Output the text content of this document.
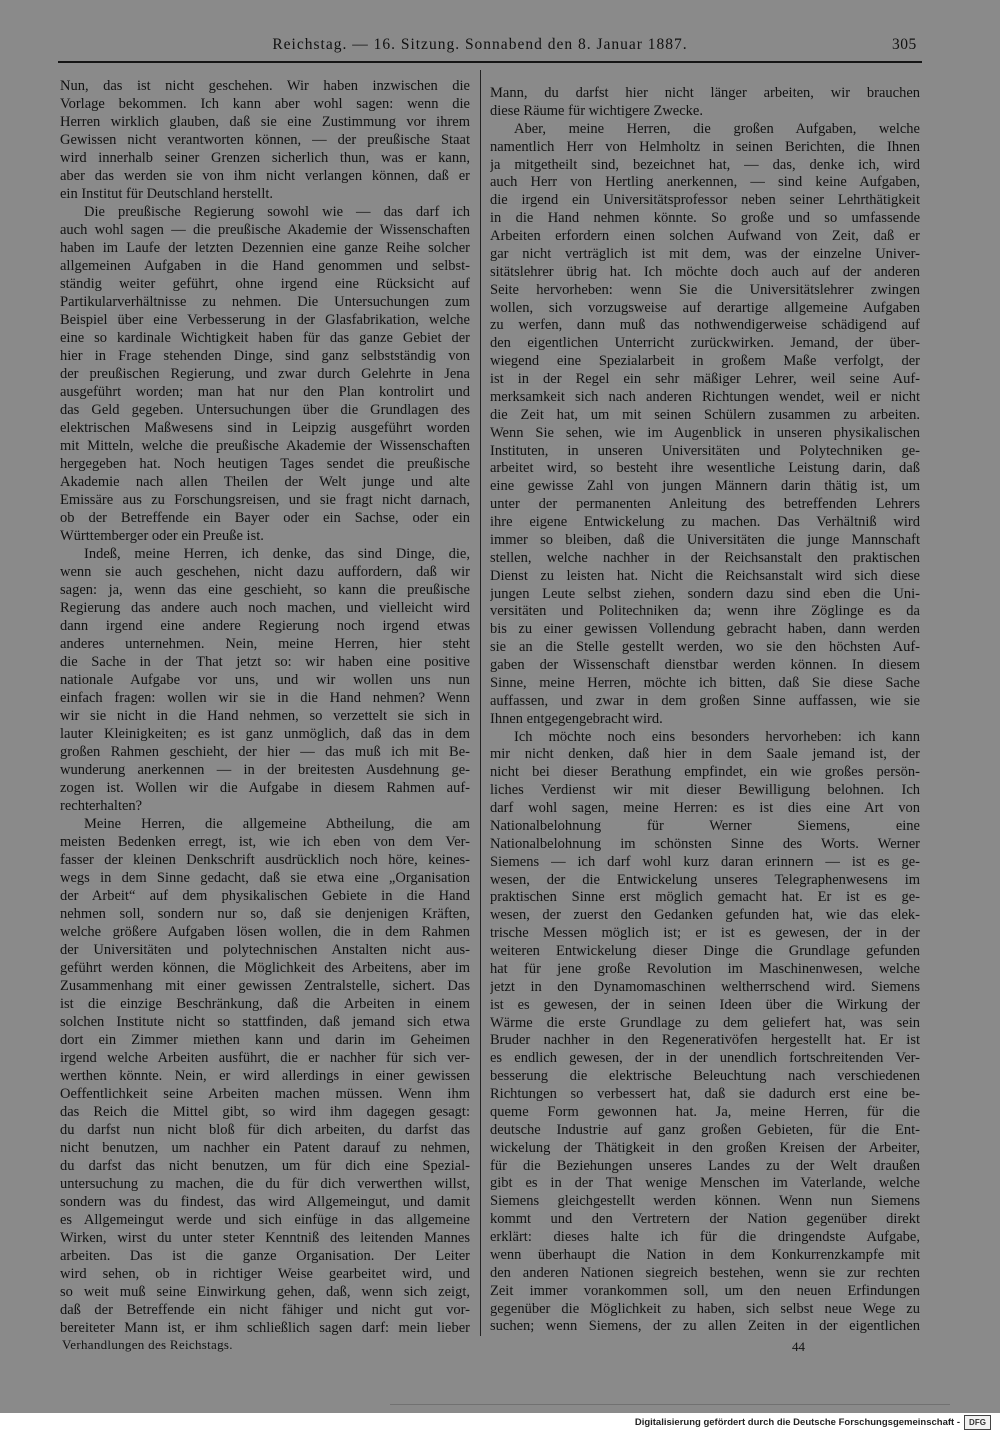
Reichstag. — 16. Sitzung. Sonnabend den 8. Januar 1887.	305
Nun, das ist nicht geschehen. Wir haben inzwischen die
Vorlage bekommen. Ich kann aber wohl sagen: wenn die
Herren wirklich glauben, daß sie eine Zustimmung vor ihrem
Gewissen nicht verantworten können, — der preußische Staat
wird innerhalb seiner Grenzen sicherlich thun, was er kann,
aber das werden sie von ihm nicht verlangen können, daß er
ein Institut für Deutschland herstellt.
Die preußische Regierung sowohl wie — das darf ich
auch wohl sagen — die preußische Akademie der Wissenschaften
haben im Laufe der letzten Dezennien eine ganze Reihe solcher
allgemeinen Aufgaben in die Hand genommen und selbst-
ständig weiter geführt, ohne irgend eine Rücksicht auf
Partikularverhältnisse zu nehmen. Die Untersuchungen zum
Beispiel über eine Verbesserung in der Glasfabrikation, welche
eine so kardinale Wichtigkeit haben für das ganze Gebiet der
hier in Frage stehenden Dinge, sind ganz selbstständig von
der preußischen Regierung, und zwar durch Gelehrte in Jena
ausgeführt worden; man hat nur den Plan kontrolirt und
das Geld gegeben. Untersuchungen über die Grundlagen des
elektrischen Maßwesens sind in Leipzig ausgeführt worden
mit Mitteln, welche die preußische Akademie der Wissenschaften
hergegeben hat. Noch heutigen Tages sendet die preußische
Akademie nach allen Theilen der Welt junge und alte
Emissäre aus zu Forschungsreisen, und sie fragt nicht darnach,
ob der Betreffende ein Bayer oder ein Sachse, oder ein
Württemberger oder ein Preuße ist.
Indeß, meine Herren, ich denke, das sind Dinge, die,
wenn sie auch geschehen, nicht dazu auffordern, daß wir
sagen: ja, wenn das eine geschieht, so kann die preußische
Regierung das andere auch noch machen, und vielleicht wird
dann irgend eine andere Regierung noch irgend etwas
anderes unternehmen. Nein, meine Herren, hier steht
die Sache in der That jetzt so: wir haben eine positive
nationale Aufgabe vor uns, und wir wollen uns nun
einfach fragen: wollen wir sie in die Hand nehmen? Wenn
wir sie nicht in die Hand nehmen, so verzettelt sie sich in
lauter Kleinigkeiten; es ist ganz unmöglich, daß das in dem
großen Rahmen geschieht, der hier — das muß ich mit Be-
wunderung anerkennen — in der breitesten Ausdehnung ge-
zogen ist. Wollen wir die Aufgabe in diesem Rahmen auf-
rechterhalten?
Meine Herren, die allgemeine Abtheilung, die am
meisten Bedenken erregt, ist, wie ich eben von dem Ver-
fasser der kleinen Denkschrift ausdrücklich noch höre, keines-
wegs in dem Sinne gedacht, daß sie etwa eine „Organisation
der Arbeit“ auf dem physikalischen Gebiete in die Hand
nehmen soll, sondern nur so, daß sie denjenigen Kräften,
welche größere Aufgaben lösen wollen, die in dem Rahmen
der Universitäten und polytechnischen Anstalten nicht aus-
geführt werden können, die Möglichkeit des Arbeitens, aber im
Zusammenhang mit einer gewissen Zentralstelle, sichert. Das
ist die einzige Beschränkung, daß die Arbeiten in einem
solchen Institute nicht so stattfinden, daß jemand sich etwa
dort ein Zimmer miethen kann und darin im Geheimen
irgend welche Arbeiten ausführt, die er nachher für sich ver-
werthen könnte. Nein, er wird allerdings in einer gewissen
Oeffentlichkeit seine Arbeiten machen müssen. Wenn ihm
das Reich die Mittel gibt, so wird ihm dagegen gesagt:
du darfst nun nicht bloß für dich arbeiten, du darfst das
nicht benutzen, um nachher ein Patent darauf zu nehmen,
du darfst das nicht benutzen, um für dich eine Spezial-
untersuchung zu machen, die du für dich verwerthen willst,
sondern was du findest, das wird Allgemeingut, und damit
es Allgemeingut werde und sich einfüge in das allgemeine
Wirken, wirst du unter steter Kenntniß des leitenden Mannes
arbeiten. Das ist die ganze Organisation. Der Leiter
wird sehen, ob in richtiger Weise gearbeitet wird, und
so weit muß seine Einwirkung gehen, daß, wenn sich zeigt,
daß der Betreffende ein nicht fähiger und nicht gut vor-
bereiteter Mann ist, er ihm schließlich sagen darf: mein lieber
Mann, du darfst hier nicht länger arbeiten, wir brauchen
diese Räume für wichtigere Zwecke.
Aber, meine Herren, die großen Aufgaben, welche
namentlich Herr von Helmholtz in seinen Berichten, die Ihnen
ja mitgetheilt sind, bezeichnet hat, — das, denke ich, wird
auch Herr von Hertling anerkennen, — sind keine Aufgaben,
die irgend ein Universitätsprofessor neben seiner Lehrthätigkeit
in die Hand nehmen könnte. So große und so umfassende
Arbeiten erfordern einen solchen Aufwand von Zeit, daß er
gar nicht verträglich ist mit dem, was der einzelne Univer-
sitätslehrer übrig hat. Ich möchte doch auch auf der anderen
Seite hervorheben: wenn Sie die Universitätslehrer zwingen
wollen, sich vorzugsweise auf derartige allgemeine Aufgaben
zu werfen, dann muß das nothwendigerweise schädigend auf
den eigentlichen Unterricht zurückwirken. Jemand, der über-
wiegend eine Spezialarbeit in großem Maße verfolgt, der
ist in der Regel ein sehr mäßiger Lehrer, weil seine Auf-
merksamkeit sich nach anderen Richtungen wendet, weil er nicht
die Zeit hat, um mit seinen Schülern zusammen zu arbeiten.
Wenn Sie sehen, wie im Augenblick in unseren physikalischen
Instituten, in unseren Universitäten und Polytechniken ge-
arbeitet wird, so besteht ihre wesentliche Leistung darin, daß
eine gewisse Zahl von jungen Männern darin thätig ist, um
unter der permanenten Anleitung des betreffenden Lehrers
ihre eigene Entwickelung zu machen. Das Verhältniß wird
immer so bleiben, daß die Universitäten die junge Mannschaft
stellen, welche nachher in der Reichsanstalt den praktischen
Dienst zu leisten hat. Nicht die Reichsanstalt wird sich diese
jungen Leute selbst ziehen, sondern dazu sind eben die Uni-
versitäten und Politechniken da; wenn ihre Zöglinge es da
bis zu einer gewissen Vollendung gebracht haben, dann werden
sie an die Stelle gestellt werden, wo sie den höchsten Auf-
gaben der Wissenschaft dienstbar werden können. In diesem
Sinne, meine Herren, möchte ich bitten, daß Sie diese Sache
auffassen, und zwar in dem großen Sinne auffassen, wie sie
Ihnen entgegengebracht wird.
Ich möchte noch eins besonders hervorheben: ich kann
mir nicht denken, daß hier in dem Saale jemand ist, der
nicht bei dieser Berathung empfindet, ein wie großes persön-
liches Verdienst wir mit dieser Bewilligung belohnen. Ich
darf wohl sagen, meine Herren: es ist dies eine Art von
Nationalbelohnung für Werner Siemens, eine
Nationalbelohnung im schönsten Sinne des Worts. Werner
Siemens — ich darf wohl kurz daran erinnern — ist es ge-
wesen, der die Entwickelung unseres Telegraphenwesens im
praktischen Sinne erst möglich gemacht hat. Er ist es ge-
wesen, der zuerst den Gedanken gefunden hat, wie das elek-
trische Messen möglich ist; er ist es gewesen, der in der
weiteren Entwickelung dieser Dinge die Grundlage gefunden
hat für jene große Revolution im Maschinenwesen, welche
jetzt in den Dynamomaschinen weltherrschend wird. Siemens
ist es gewesen, der in seinen Ideen über die Wirkung der
Wärme die erste Grundlage zu dem geliefert hat, was sein
Bruder nachher in den Regenerativöfen hergestellt hat. Er ist
es endlich gewesen, der in der unendlich fortschreitenden Ver-
besserung die elektrische Beleuchtung nach verschiedenen
Richtungen so verbessert hat, daß sie dadurch erst eine be-
queme Form gewonnen hat. Ja, meine Herren, für die
deutsche Industrie auf ganz großen Gebieten, für die Ent-
wickelung der Thätigkeit in den großen Kreisen der Arbeiter,
für die Beziehungen unseres Landes zu der Welt draußen
gibt es in der That wenige Menschen im Vaterlande, welche
Siemens gleichgestellt werden können. Wenn nun Siemens
kommt und den Vertretern der Nation gegenüber direkt
erklärt: dieses halte ich für die dringendste Aufgabe,
wenn überhaupt die Nation in dem Konkurrenzkampfe mit
den anderen Nationen siegreich bestehen, wenn sie zur rechten
Zeit immer vorankommen soll, um den neuen Erfindungen
gegenüber die Möglichkeit zu haben, sich selbst neue Wege zu
suchen; wenn Siemens, der zu allen Zeiten in der eigentlichen
Verhandlungen des Reichstags.	44
Digitalisierung gefördert durch die Deutsche Forschungsgemeinschaft -	DFG
